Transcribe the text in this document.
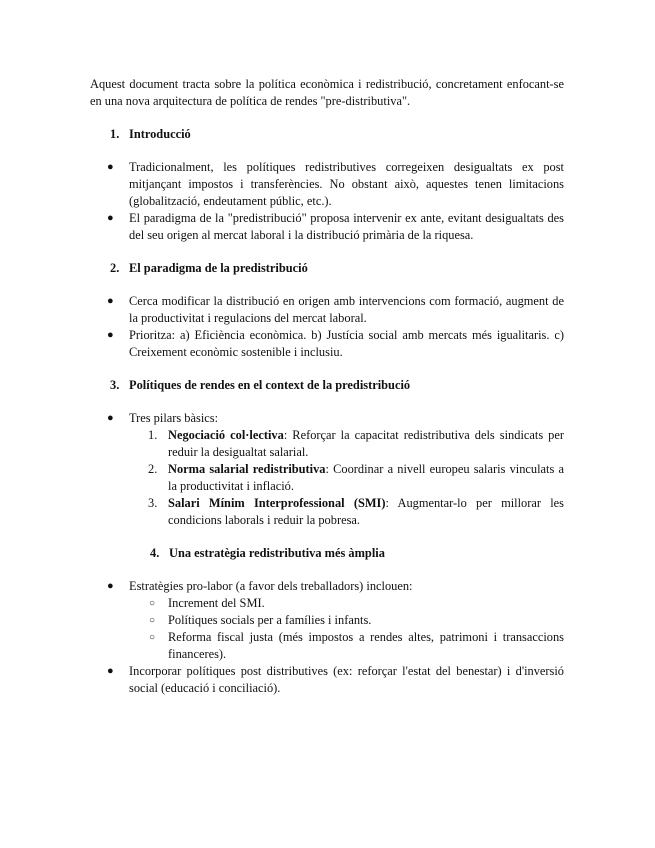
Aquest document tracta sobre la política econòmica i redistribució, concretament enfocant-se en una nova arquitectura de política de rendes "pre-distributiva".

1. Introducció
● Tradicionalment, les polítiques redistributives corregeixen desigualtats ex post mitjançant impostos i transferències. No obstant això, aquestes tenen limitacions (globalització, endeutament públic, etc.).
● El paradigma de la "predistribució" proposa intervenir ex ante, evitant desigualtats des del seu origen al mercat laboral i la distribució primària de la riquesa.
2. El paradigma de la predistribució
● Cerca modificar la distribució en origen amb intervencions com formació, augment de la productivitat i regulacions del mercat laboral.
● Prioritza: a) Eficiència econòmica. b) Justícia social amb mercats més igualitaris. c) Creixement econòmic sostenible i inclusiu.
3. Polítiques de rendes en el context de la predistribució
● Tres pilars bàsics:
1. Negociació col·lectiva: Reforçar la capacitat redistributiva dels sindicats per reduir la desigualtat salarial.
2. Norma salarial redistributiva: Coordinar a nivell europeu salaris vinculats a la productivitat i inflació.
3. Salari Mínim Interprofessional (SMI): Augmentar-lo per millorar les condicions laborals i reduir la pobresa.
4. Una estratègia redistributiva més àmplia
● Estratègies pro-labor (a favor dels treballadors) inclouen:
○ Increment del SMI.
○ Polítiques socials per a famílies i infants.
○ Reforma fiscal justa (més impostos a rendes altes, patrimoni i transaccions financeres).
● Incorporar polítiques post distributives (ex: reforçar l'estat del benestar) i d'inversió social (educació i conciliació).
